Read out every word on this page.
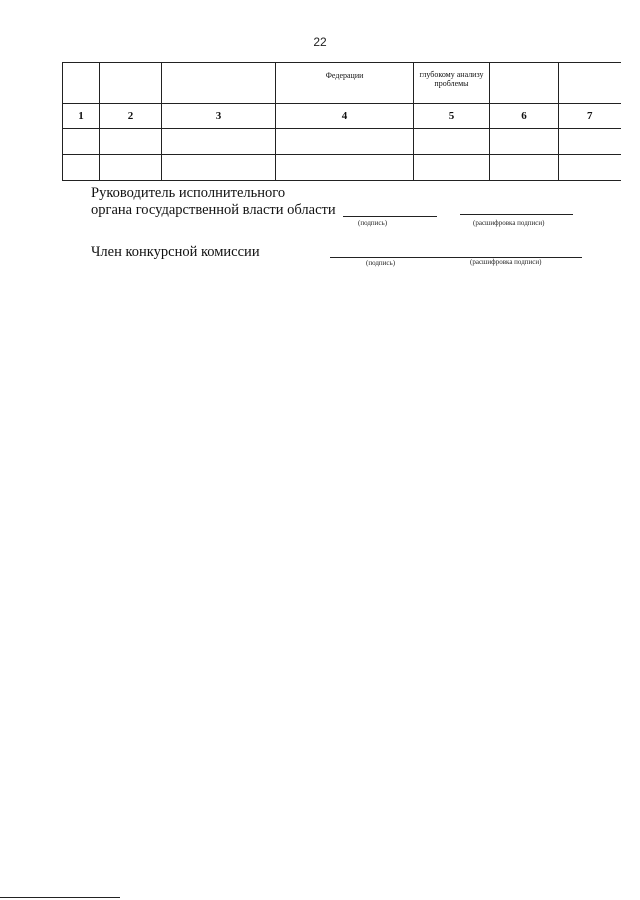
22
			Федерации	глубокому анализу проблемы		
1	2	3	4	5	6	7

Руководитель исполнительного
органа государственной власти области
(подпись)	(расшифровка подписи)
Член конкурсной комиссии
(подпись)	(расшифровка подписи)
